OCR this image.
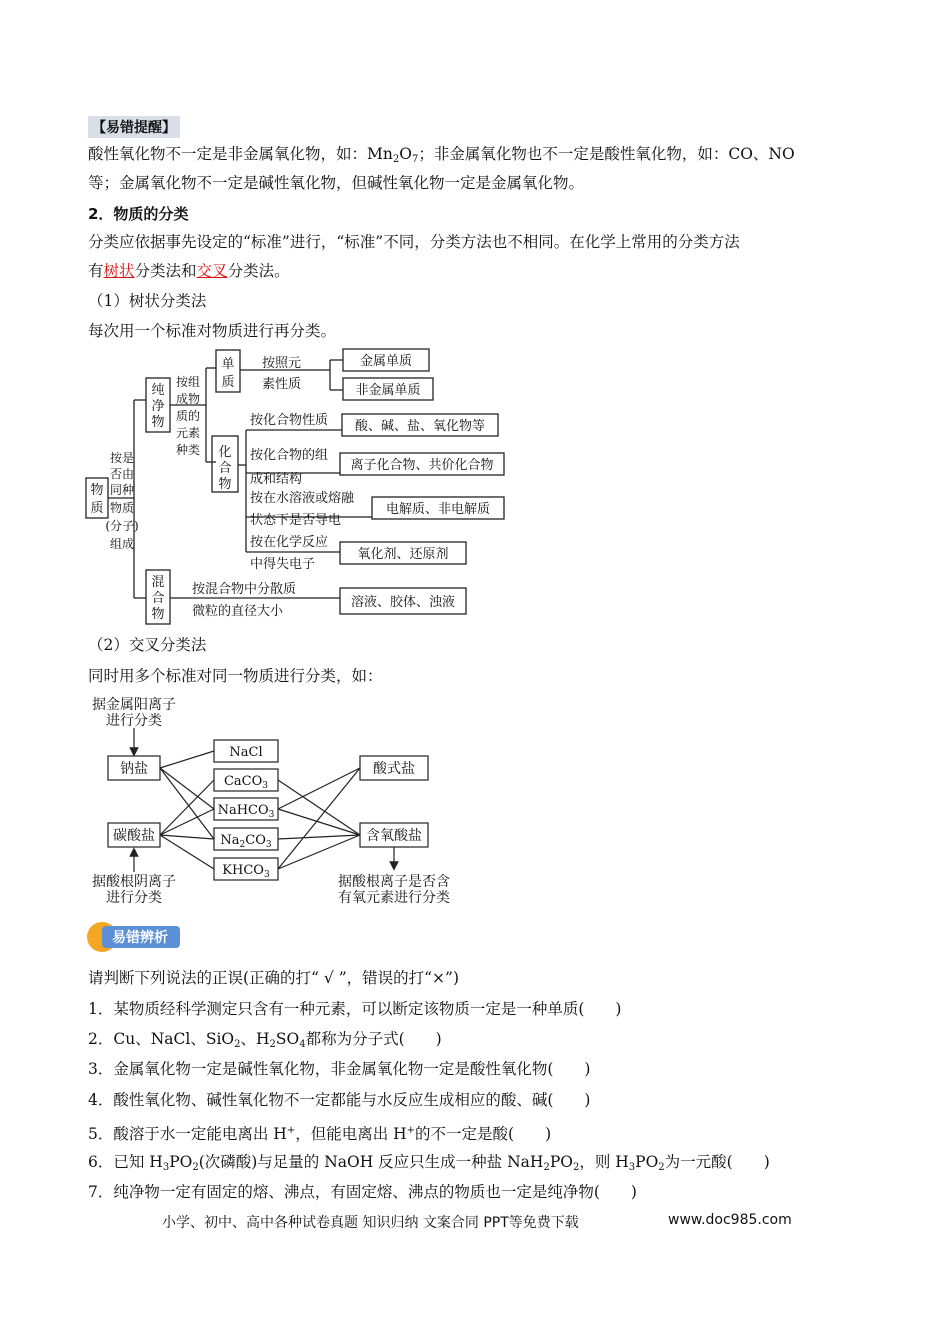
【易错提醒】
酸性氧化物不一定是非金属氧化物，如：$Mn_2O_7$；非金属氧化物也不一定是酸性氧化物，如：CO、NO
等；金属氧化物不一定是碱性氧化物，但碱性氧化物一定是金属氧化物。
2．物质的分类
分类应依据事先设定的“标准”进行，“标准”不同，分类方法也不相同。在化学上常用的分类方法
有树状分类法和交叉分类法。
（1）树状分类法
每次用一个标准对物质进行再分类。
物
质
按是
否由
同种
物质
(分子)
组成
纯
净
物
混
合
物
按组
成物
质的
元素
种类
单
质
化
合
物
按照元
素性质
金属单质
非金属单质
按化合物性质 酸、碱、盐、氧化物等
按化合物的组
成和结构
离子化合物、共价化合物
按在水溶液或熔融
状态下是否导电
电解质、非电解质
按在化学反应
中得失电子
氧化剂、还原剂
按混合物中分散质
微粒的直径大小
溶液、胶体、浊液
（2）交叉分类法
同时用多个标准对同一物质进行分类，如：
据金属阳离子
进行分类
钠盐
碳酸盐
酸式盐
含氧酸盐
据酸根阴离子
进行分类
据酸根离子是否含
有氧元素进行分类
NaCl
CaCO$_3$
NaHCO$_3$
$Na_2CO_3$
$KHCO_3$
易错辨析
请判断下列说法的正误(正确的打“ √ ”，错误的打“×”)
1．某物质经科学测定只含有一种元素，可以断定该物质一定是一种单质(　　)
2．Cu、NaCl、SiO$_2$、$H_2SO_4$都称为分子式(　　)
3．金属氧化物一定是碱性氧化物，非金属氧化物一定是酸性氧化物(　　)
4．酸性氧化物、碱性氧化物不一定都能与水反应生成相应的酸、碱(　　)
5．酸溶于水一定能电离出 H+，但能电离出 H+的不一定是酸(　　)
6．已知 $H_3PO_2$(次磷酸)与足量的 NaOH 反应只生成一种盐 $NaH_2PO_2$，则 $H_3PO_2$为一元酸(　　)
7．纯净物一定有固定的熔、沸点，有固定熔、沸点的物质也一定是纯净物(　　)
小学、初中、高中各种试卷真题 知识归纳 文案合同 PPT等免费下载	www.doc985.com
